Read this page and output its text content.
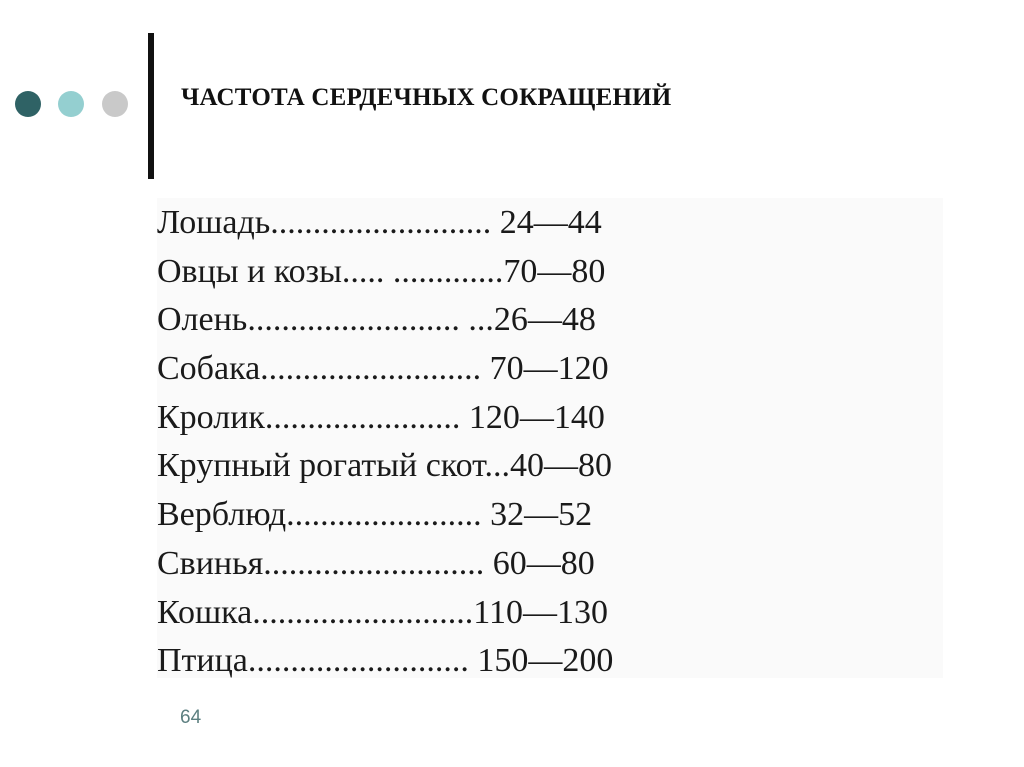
ЧАСТОТА СЕРДЕЧНЫХ СОКРАЩЕНИЙ
Лошадь.......................... 24—44
Овцы и козы..... .............70—80
Олень......................... ...26—48
Собака.......................... 70—120
Кролик....................... 120—140
Крупный рогатый скот...40—80
Верблюд....................... 32—52
Свинья.......................... 60—80
Кошка..........................110—130
Птица.......................... 150—200
64
